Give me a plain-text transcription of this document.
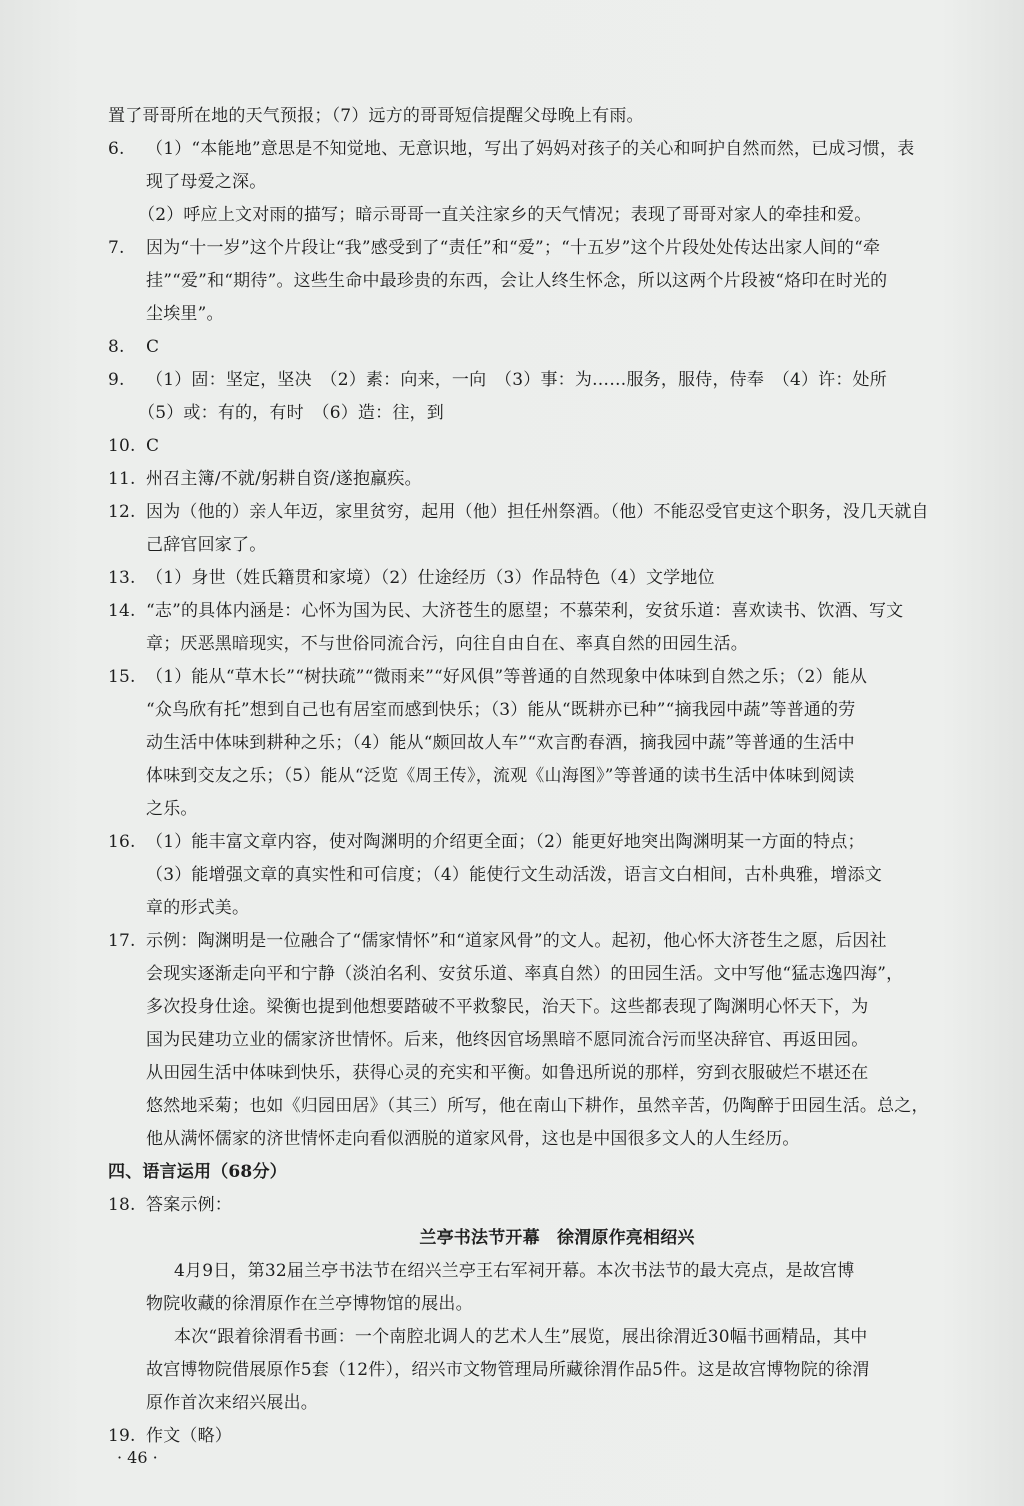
置了哥哥所在地的天气预报；（7）远方的哥哥短信提醒父母晚上有雨。
6. （1）“本能地”意思是不知觉地、无意识地，写出了妈妈对孩子的关心和呵护自然而然，已成习惯，表
现了母爱之深。
（2）呼应上文对雨的描写；暗示哥哥一直关注家乡的天气情况；表现了哥哥对家人的牵挂和爱。
7. 因为“十一岁”这个片段让“我”感受到了“责任”和“爱”；“十五岁”这个片段处处传达出家人间的“牵
挂”“爱”和“期待”。这些生命中最珍贵的东西，会让人终生怀念，所以这两个片段被“烙印在时光的
尘埃里”。
8. C
9. （1）固：坚定，坚决　（2）素：向来，一向　（3）事：为……服务，服侍，侍奉　（4）许：处所
（5）或：有的，有时　（6）造：往，到
10. C
11. 州召主簿/不就/躬耕自资/遂抱羸疾。
12. 因为（他的）亲人年迈，家里贫穷，起用（他）担任州祭酒。（他）不能忍受官吏这个职务，没几天就自
己辞官回家了。
13. （1）身世（姓氏籍贯和家境）（2）仕途经历（3）作品特色（4）文学地位
14. “志”的具体内涵是：心怀为国为民、大济苍生的愿望；不慕荣利，安贫乐道：喜欢读书、饮酒、写文
章；厌恶黑暗现实，不与世俗同流合污，向往自由自在、率真自然的田园生活。
15. （1）能从“草木长”“树扶疏”“微雨来”“好风俱”等普通的自然现象中体味到自然之乐；（2）能从
“众鸟欣有托”想到自己也有居室而感到快乐；（3）能从“既耕亦已种”“摘我园中蔬”等普通的劳
动生活中体味到耕种之乐；（4）能从“颇回故人车”“欢言酌春酒，摘我园中蔬”等普通的生活中
体味到交友之乐；（5）能从“泛览《周王传》，流观《山海图》”等普通的读书生活中体味到阅读
之乐。
16. （1）能丰富文章内容，使对陶渊明的介绍更全面；（2）能更好地突出陶渊明某一方面的特点；
（3）能增强文章的真实性和可信度；（4）能使行文生动活泼，语言文白相间，古朴典雅，增添文
章的形式美。
17. 示例：陶渊明是一位融合了“儒家情怀”和“道家风骨”的文人。起初，他心怀大济苍生之愿，后因社
会现实逐渐走向平和宁静（淡泊名利、安贫乐道、率真自然）的田园生活。文中写他“猛志逸四海”，
多次投身仕途。梁衡也提到他想要踏破不平救黎民，治天下。这些都表现了陶渊明心怀天下，为
国为民建功立业的儒家济世情怀。后来，他终因官场黑暗不愿同流合污而坚决辞官、再返田园。
从田园生活中体味到快乐，获得心灵的充实和平衡。如鲁迅所说的那样，穷到衣服破烂不堪还在
悠然地采菊；也如《归园田居》（其三）所写，他在南山下耕作，虽然辛苦，仍陶醉于田园生活。总之，
他从满怀儒家的济世情怀走向看似洒脱的道家风骨，这也是中国很多文人的人生经历。
四、语言运用（68分）
18. 答案示例：
兰亭书法节开幕　徐渭原作亮相绍兴
4月9日，第32届兰亭书法节在绍兴兰亭王右军祠开幕。本次书法节的最大亮点，是故宫博
物院收藏的徐渭原作在兰亭博物馆的展出。
本次“跟着徐渭看书画：一个南腔北调人的艺术人生”展览，展出徐渭近30幅书画精品，其中
故宫博物院借展原作5套（12件），绍兴市文物管理局所藏徐渭作品5件。这是故宫博物院的徐渭
原作首次来绍兴展出。
19. 作文（略）
· 46 ·
